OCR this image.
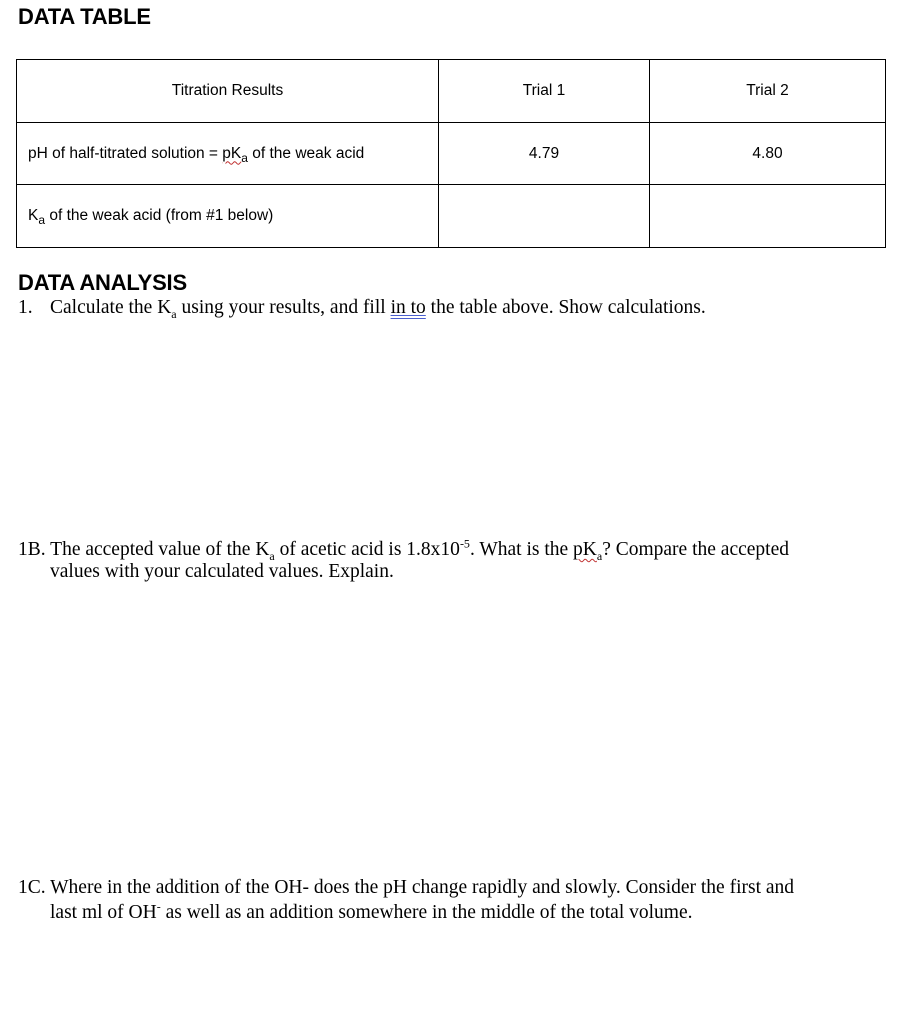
DATA TABLE
Titration Results	Trial 1	Trial 2
pH of half-titrated solution = $pK_a$ of the weak acid	4.79	4.80
$K_a$ of the weak acid (from #1 below)		
DATA ANALYSIS
1. Calculate the $K_a$ using your results, and fill in to the table above. Show calculations.
1B. The accepted value of the $K_a$ of acetic acid is $1.8x10^{-5}$. What is the $pK_a$? Compare the accepted
values with your calculated values. Explain.
1C. Where in the addition of the OH- does the pH change rapidly and slowly. Consider the first and
last ml of OH- as well as an addition somewhere in the middle of the total volume.
